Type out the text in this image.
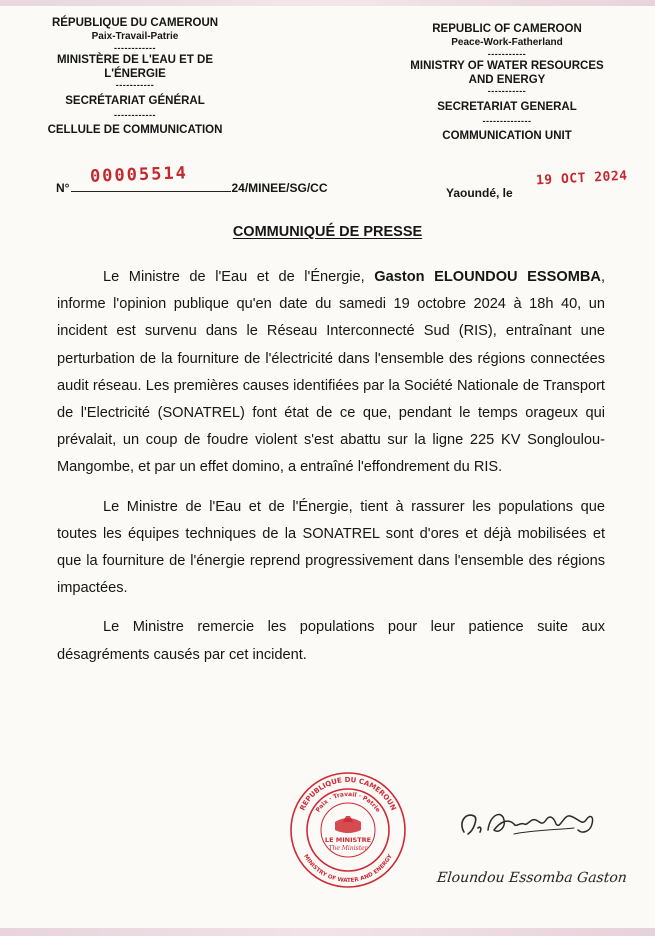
RÉPUBLIQUE DU CAMEROUN
Paix-Travail-Patrie
------------
MINISTÈRE DE L'EAU ET DE
L'ÉNERGIE
-----------
SECRÉTARIAT GÉNÉRAL
------------
CELLULE DE COMMUNICATION
REPUBLIC OF CAMEROON
Peace-Work-Fatherland
-----------
MINISTRY OF WATER RESOURCES
AND ENERGY
-----------
SECRETARIAT GENERAL
--------------
COMMUNICATION UNIT
00005514
N°	24/MINEE/SG/CC	Yaoundé, le
19 OCT 2024
COMMUNIQUÉ DE PRESSE

Le Ministre de l'Eau et de l'Énergie, Gaston ELOUNDOU ESSOMBA, informe l'opinion publique qu'en date du samedi 19 octobre 2024 à 18h 40, un incident est survenu dans le Réseau Interconnecté Sud (RIS), entraînant une perturbation de la fourniture de l'électricité dans l'ensemble des régions connectées audit réseau. Les premières causes identifiées par la Société Nationale de Transport de l'Electricité (SONATREL) font état de ce que, pendant le temps orageux qui prévalait, un coup de foudre violent s'est abattu sur la ligne 225 KV Songloulou-Mangombe, et par un effet domino, a entraîné l'effondrement du RIS.

Le Ministre de l'Eau et de l'Énergie, tient à rassurer les populations que toutes les équipes techniques de la SONATREL sont d'ores et déjà mobilisées et que la fourniture de l'énergie reprend progressivement dans l'ensemble des régions impactées.

Le Ministre remercie les populations pour leur patience suite aux désagréments causés par cet incident.

REPUBLIQUE DU CAMEROUN
MINISTRY OF WATER AND ENERGY
Paix · Travail · Patrie
LE MINISTRE
The Minister
Eloundou Essomba Gaston
